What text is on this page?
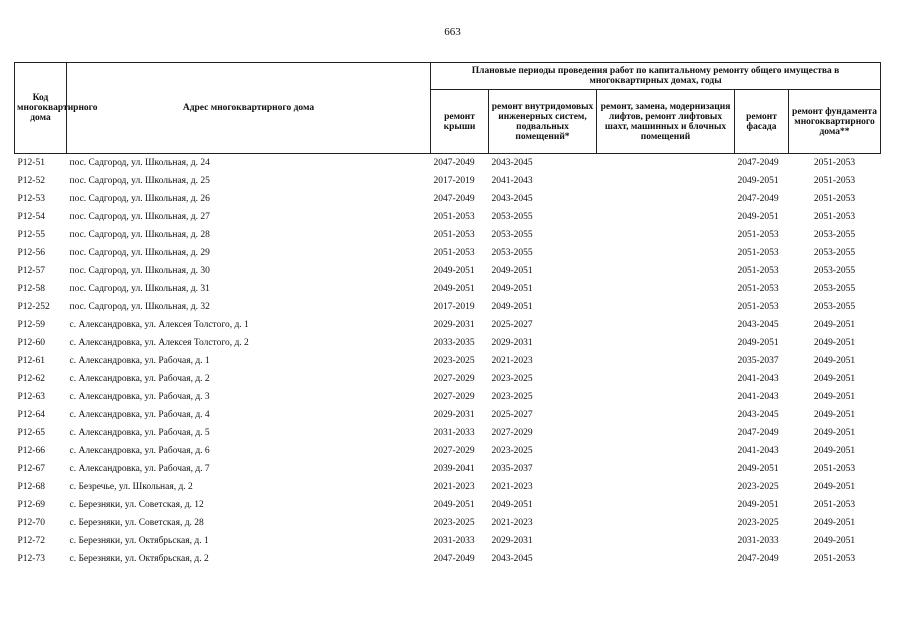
663
Код многоквартирного дома	Адрес многоквартирного дома	Плановые периоды проведения работ по капитальному ремонту общего имущества в многоквартирных домах, годы				
		ремонт крыши	ремонт внутридомовых инженерных систем, подвальных помещений*	ремонт, замена, модернизация лифтов, ремонт лифтовых шахт, машинных и блочных помещений	ремонт фасада	ремонт фундамента многоквартирного дома**
Р12-51	пос. Садгород, ул. Школьная, д. 24	2047-2049	2043-2045		2047-2049	2051-2053
Р12-52	пос. Садгород, ул. Школьная, д. 25	2017-2019	2041-2043		2049-2051	2051-2053
Р12-53	пос. Садгород, ул. Школьная, д. 26	2047-2049	2043-2045		2047-2049	2051-2053
Р12-54	пос. Садгород, ул. Школьная, д. 27	2051-2053	2053-2055		2049-2051	2051-2053
Р12-55	пос. Садгород, ул. Школьная, д. 28	2051-2053	2053-2055		2051-2053	2053-2055
Р12-56	пос. Садгород, ул. Школьная, д. 29	2051-2053	2053-2055		2051-2053	2053-2055
Р12-57	пос. Садгород, ул. Школьная, д. 30	2049-2051	2049-2051		2051-2053	2053-2055
Р12-58	пос. Садгород, ул. Школьная, д. 31	2049-2051	2049-2051		2051-2053	2053-2055
Р12-252	пос. Садгород, ул. Школьная, д. 32	2017-2019	2049-2051		2051-2053	2053-2055
Р12-59	с. Александровка, ул. Алексея Толстого, д. 1	2029-2031	2025-2027		2043-2045	2049-2051
Р12-60	с. Александровка, ул. Алексея Толстого, д. 2	2033-2035	2029-2031		2049-2051	2049-2051
Р12-61	с. Александровка, ул. Рабочая, д. 1	2023-2025	2021-2023		2035-2037	2049-2051
Р12-62	с. Александровка, ул. Рабочая, д. 2	2027-2029	2023-2025		2041-2043	2049-2051
Р12-63	с. Александровка, ул. Рабочая, д. 3	2027-2029	2023-2025		2041-2043	2049-2051
Р12-64	с. Александровка, ул. Рабочая, д. 4	2029-2031	2025-2027		2043-2045	2049-2051
Р12-65	с. Александровка, ул. Рабочая, д. 5	2031-2033	2027-2029		2047-2049	2049-2051
Р12-66	с. Александровка, ул. Рабочая, д. 6	2027-2029	2023-2025		2041-2043	2049-2051
Р12-67	с. Александровка, ул. Рабочая, д. 7	2039-2041	2035-2037		2049-2051	2051-2053
Р12-68	с. Безречье, ул. Школьная, д. 2	2021-2023	2021-2023		2023-2025	2049-2051
Р12-69	с. Березняки, ул. Советская, д. 12	2049-2051	2049-2051		2049-2051	2051-2053
Р12-70	с. Березняки, ул. Советская, д. 28	2023-2025	2021-2023		2023-2025	2049-2051
Р12-72	с. Березняки, ул. Октябрьская, д. 1	2031-2033	2029-2031		2031-2033	2049-2051
Р12-73	с. Березняки, ул. Октябрьская, д. 2	2047-2049	2043-2045		2047-2049	2051-2053
